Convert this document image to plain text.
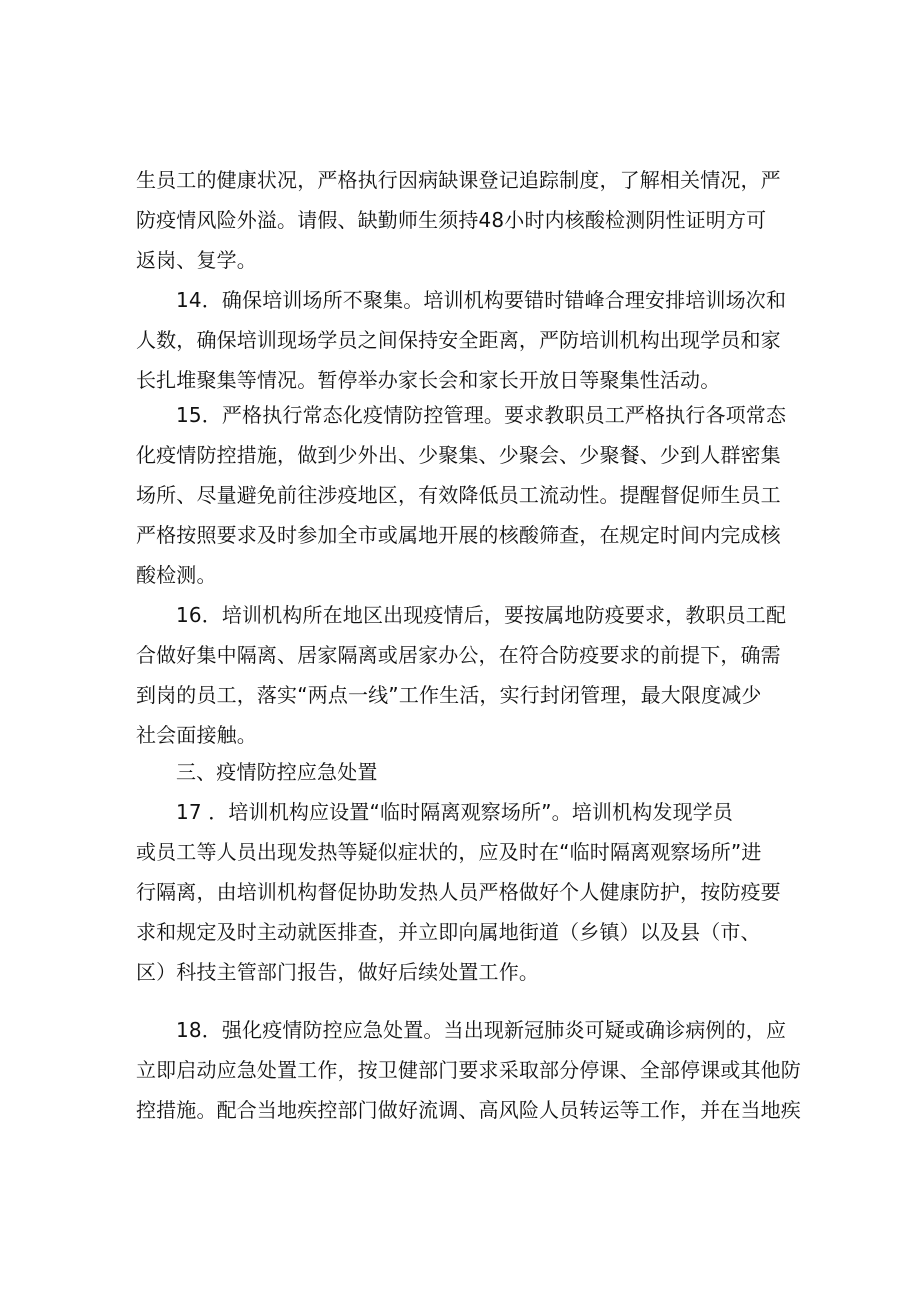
生员工的健康状况，严格执行因病缺课登记追踪制度，了解相关情况，严
防疫情风险外溢。请假、缺勤师生须持48小时内核酸检测阴性证明方可
返岗、复学。
14．确保培训场所不聚集。培训机构要错时错峰合理安排培训场次和
人数，确保培训现场学员之间保持安全距离，严防培训机构出现学员和家
长扎堆聚集等情况。暂停举办家长会和家长开放日等聚集性活动。
15．严格执行常态化疫情防控管理。要求教职员工严格执行各项常态
化疫情防控措施，做到少外出、少聚集、少聚会、少聚餐、少到人群密集
场所、尽量避免前往涉疫地区，有效降低员工流动性。提醒督促师生员工
严格按照要求及时参加全市或属地开展的核酸筛查，在规定时间内完成核
酸检测。
16．培训机构所在地区出现疫情后，要按属地防疫要求，教职员工配
合做好集中隔离、居家隔离或居家办公，在符合防疫要求的前提下，确需
到岗的员工，落实“两点一线”工作生活，实行封闭管理，最大限度减少
社会面接触。
三、疫情防控应急处置
17 ．培训机构应设置“临时隔离观察场所”。培训机构发现学员
或员工等人员出现发热等疑似症状的，应及时在“临时隔离观察场所”进
行隔离，由培训机构督促协助发热人员严格做好个人健康防护，按防疫要
求和规定及时主动就医排查，并立即向属地街道（乡镇）以及县（市、
区）科技主管部门报告，做好后续处置工作。
18．强化疫情防控应急处置。当出现新冠肺炎可疑或确诊病例的，应
立即启动应急处置工作，按卫健部门要求采取部分停课、全部停课或其他防
控措施。配合当地疾控部门做好流调、高风险人员转运等工作，并在当地疾
